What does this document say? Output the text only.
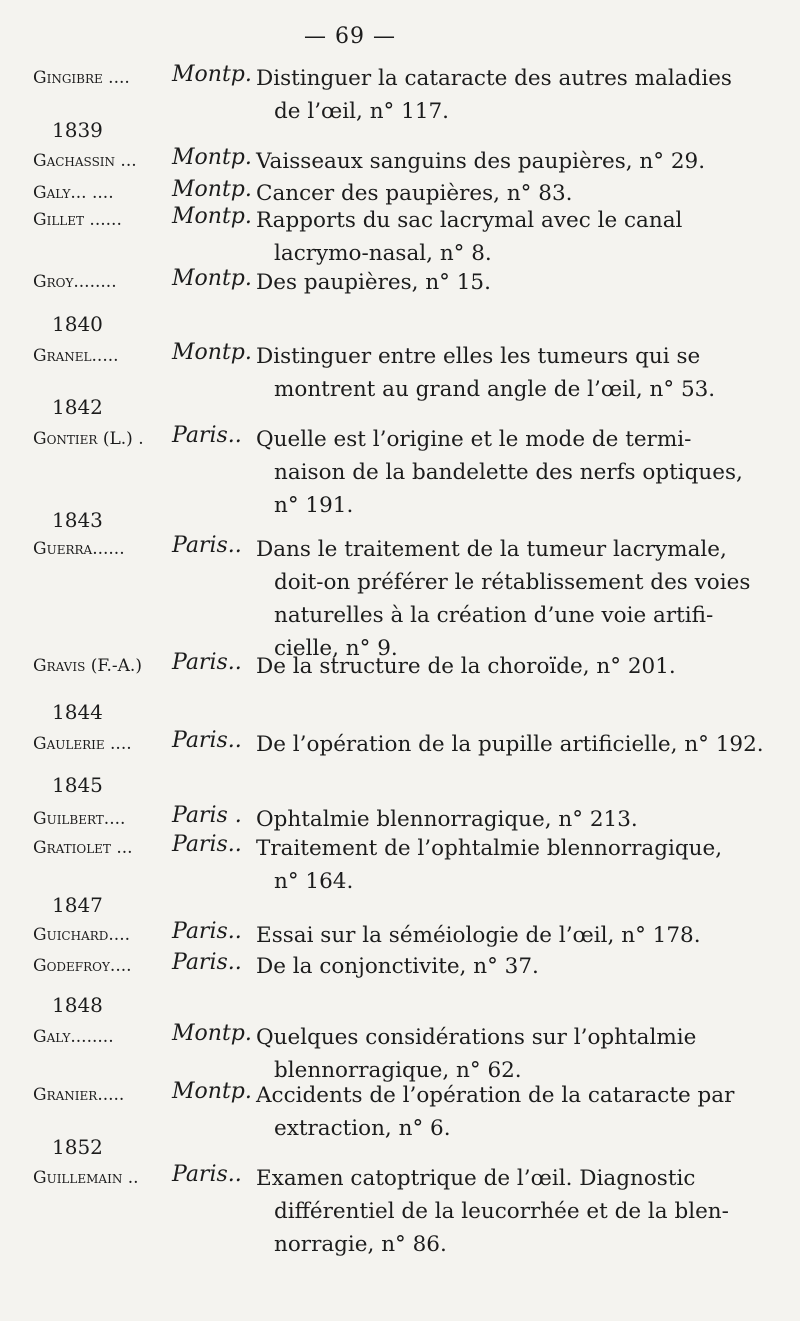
— 69 —
Gingibre .... Montp. Distinguer la cataracte des autres maladies
de l’œil, n° 117.
1839
Gachassin ... Montp. Vaisseaux sanguins des paupières, n° 29.
Galy... ....	Montp. Cancer des paupières, n° 83.
Gillet ...... Montp. Rapports du sac lacrymal avec le canal
lacrymo-nasal, n° 8.
Groy........	Montp. Des paupières, n° 15.
1840
Granel..... Montp. Distinguer entre elles les tumeurs qui se
montrent au grand angle de l’œil, n° 53.
1842
Gontier (L.) . Paris.. Quelle est l’origine et le mode de termi-
naison de la bandelette des nerfs optiques,
n° 191.
1843
Guerra...... Paris.. Dans le traitement de la tumeur lacrymale,
doit-on préférer le rétablissement des voies
naturelles à la création d’une voie artifi-
cielle, n° 9.
Gravis (F.-A.) Paris.. De la structure de la choroïde, n° 201.
1844
Gaulerie .... Paris.. De l’opération de la pupille artificielle, n° 192.
1845
Guilbert.... Paris . Ophtalmie blennorragique, n° 213.
Gratiolet ... Paris.. Traitement de l’ophtalmie blennorragique,
n° 164.
1847
Guichard.... Paris.. Essai sur la séméiologie de l’œil, n° 178.
Godefroy.... Paris.. De la conjonctivite, n° 37.
1848
Galy........	Montp. Quelques considérations sur l’ophtalmie
blennorragique, n° 62.
Granier..... Montp. Accidents de l’opération de la cataracte par
extraction, n° 6.
1852
Guillemain .. Paris.. Examen catoptrique de l’œil. Diagnostic
différentiel de la leucorrhée et de la blen-
norragie, n° 86.
